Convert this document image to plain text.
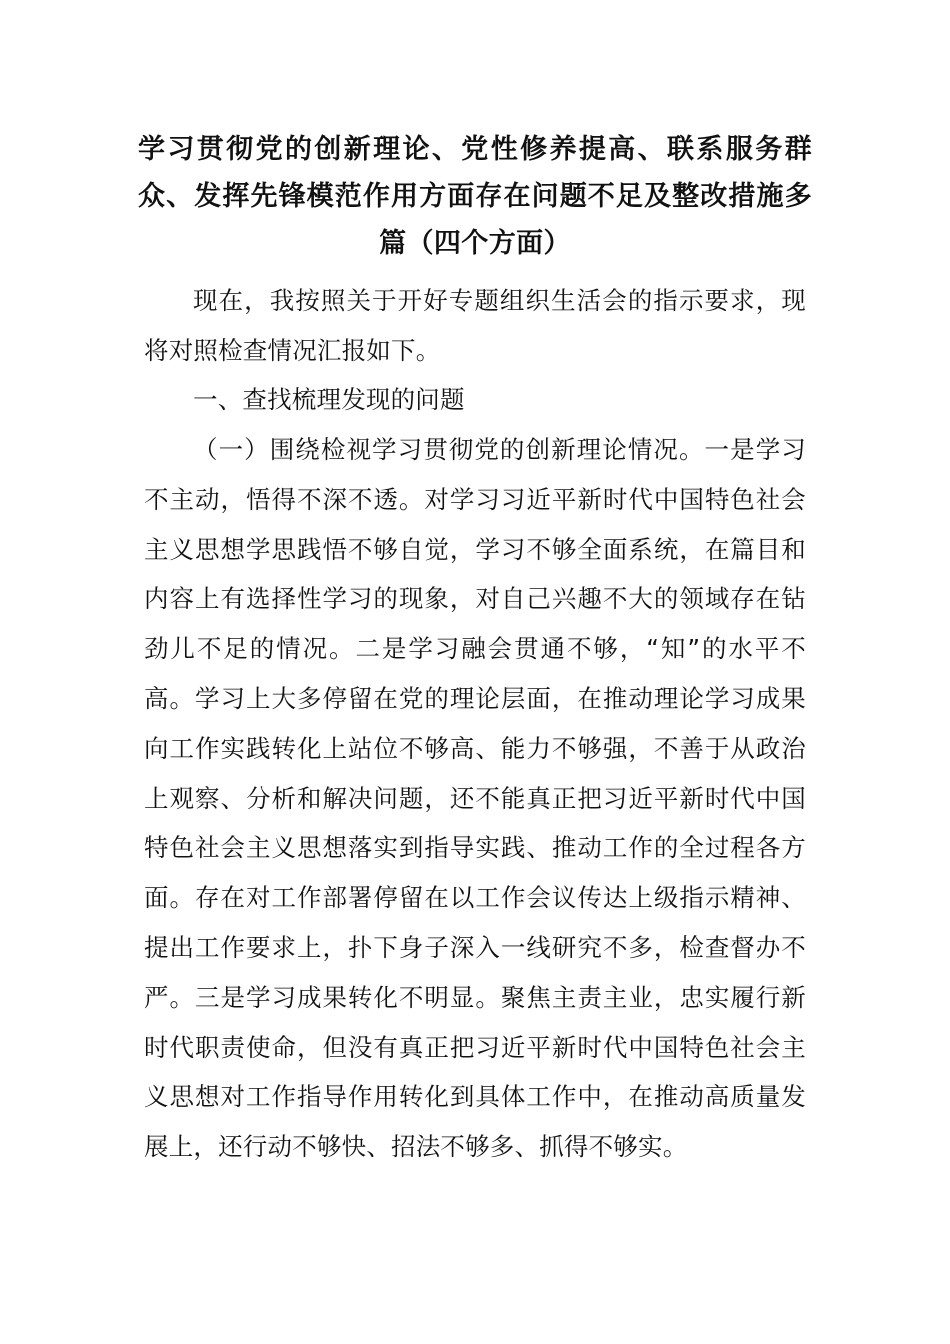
学习贯彻党的创新理论、党性修养提高、联系服务群众、发挥先锋模范作用方面存在问题不足及整改措施多篇（四个方面）
现在，我按照关于开好专题组织生活会的指示要求，现将对照检查情况汇报如下。
一、查找梳理发现的问题
（一）围绕检视学习贯彻党的创新理论情况。一是学习不主动，悟得不深不透。对学习习近平新时代中国特色社会主义思想学思践悟不够自觉，学习不够全面系统，在篇目和内容上有选择性学习的现象，对自己兴趣不大的领域存在钻劲儿不足的情况。二是学习融会贯通不够，“知”的水平不高。学习上大多停留在党的理论层面，在推动理论学习成果向工作实践转化上站位不够高、能力不够强，不善于从政治上观察、分析和解决问题，还不能真正把习近平新时代中国特色社会主义思想落实到指导实践、推动工作的全过程各方面。存在对工作部署停留在以工作会议传达上级指示精神、提出工作要求上，扑下身子深入一线研究不多，检查督办不严。三是学习成果转化不明显。聚焦主责主业，忠实履行新时代职责使命，但没有真正把习近平新时代中国特色社会主义思想对工作指导作用转化到具体工作中，在推动高质量发展上，还行动不够快、招法不够多、抓得不够实。
